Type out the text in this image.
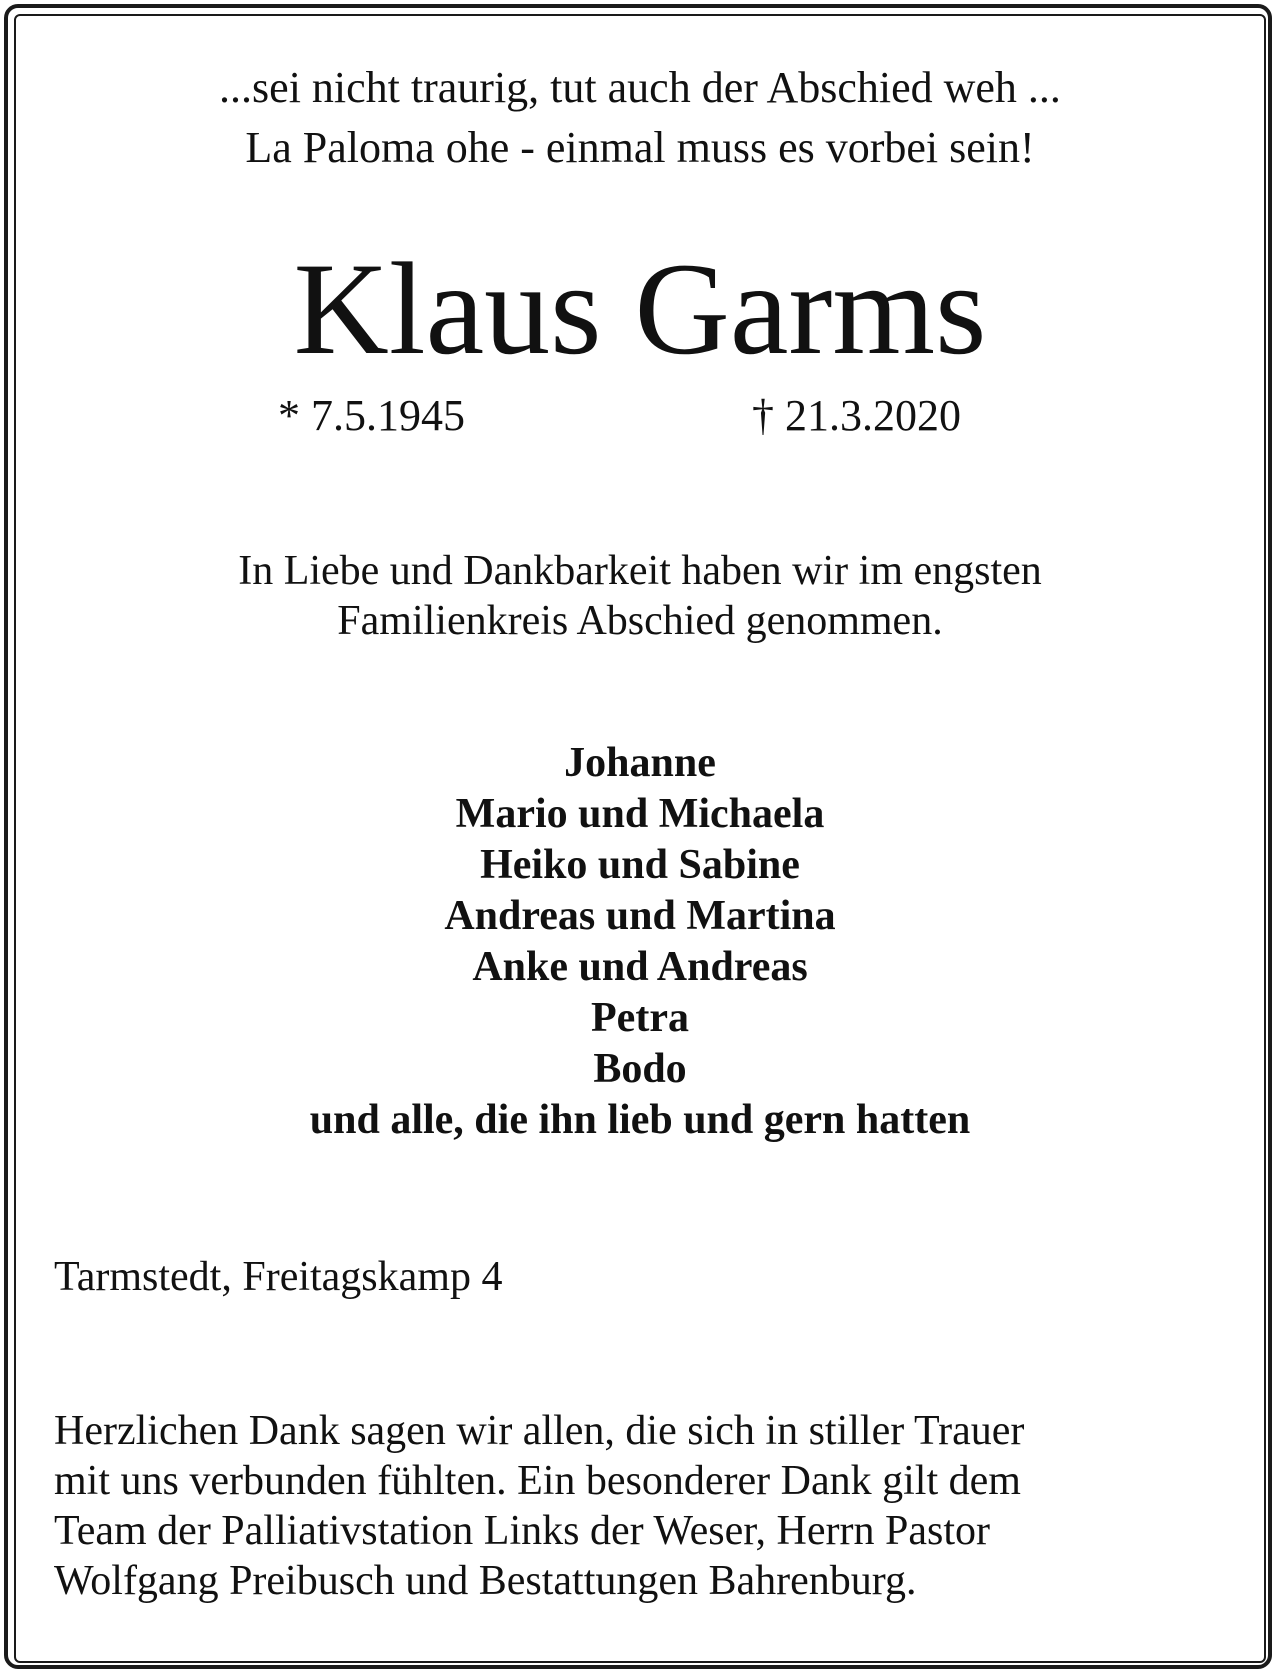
...sei nicht traurig, tut auch der Abschied weh ...
La Paloma ohe - einmal muss es vorbei sein!
Klaus Garms
* 7.5.1945	† 21.3.2020
In Liebe und Dankbarkeit haben wir im engsten
Familienkreis Abschied genommen.
Johanne
Mario und Michaela
Heiko und Sabine
Andreas und Martina
Anke und Andreas
Petra
Bodo
und alle, die ihn lieb und gern hatten
Tarmstedt, Freitagskamp 4
Herzlichen Dank sagen wir allen, die sich in stiller Trauer
mit uns verbunden fühlten. Ein besonderer Dank gilt dem
Team der Palliativstation Links der Weser, Herrn Pastor
Wolfgang Preibusch und Bestattungen Bahrenburg.
